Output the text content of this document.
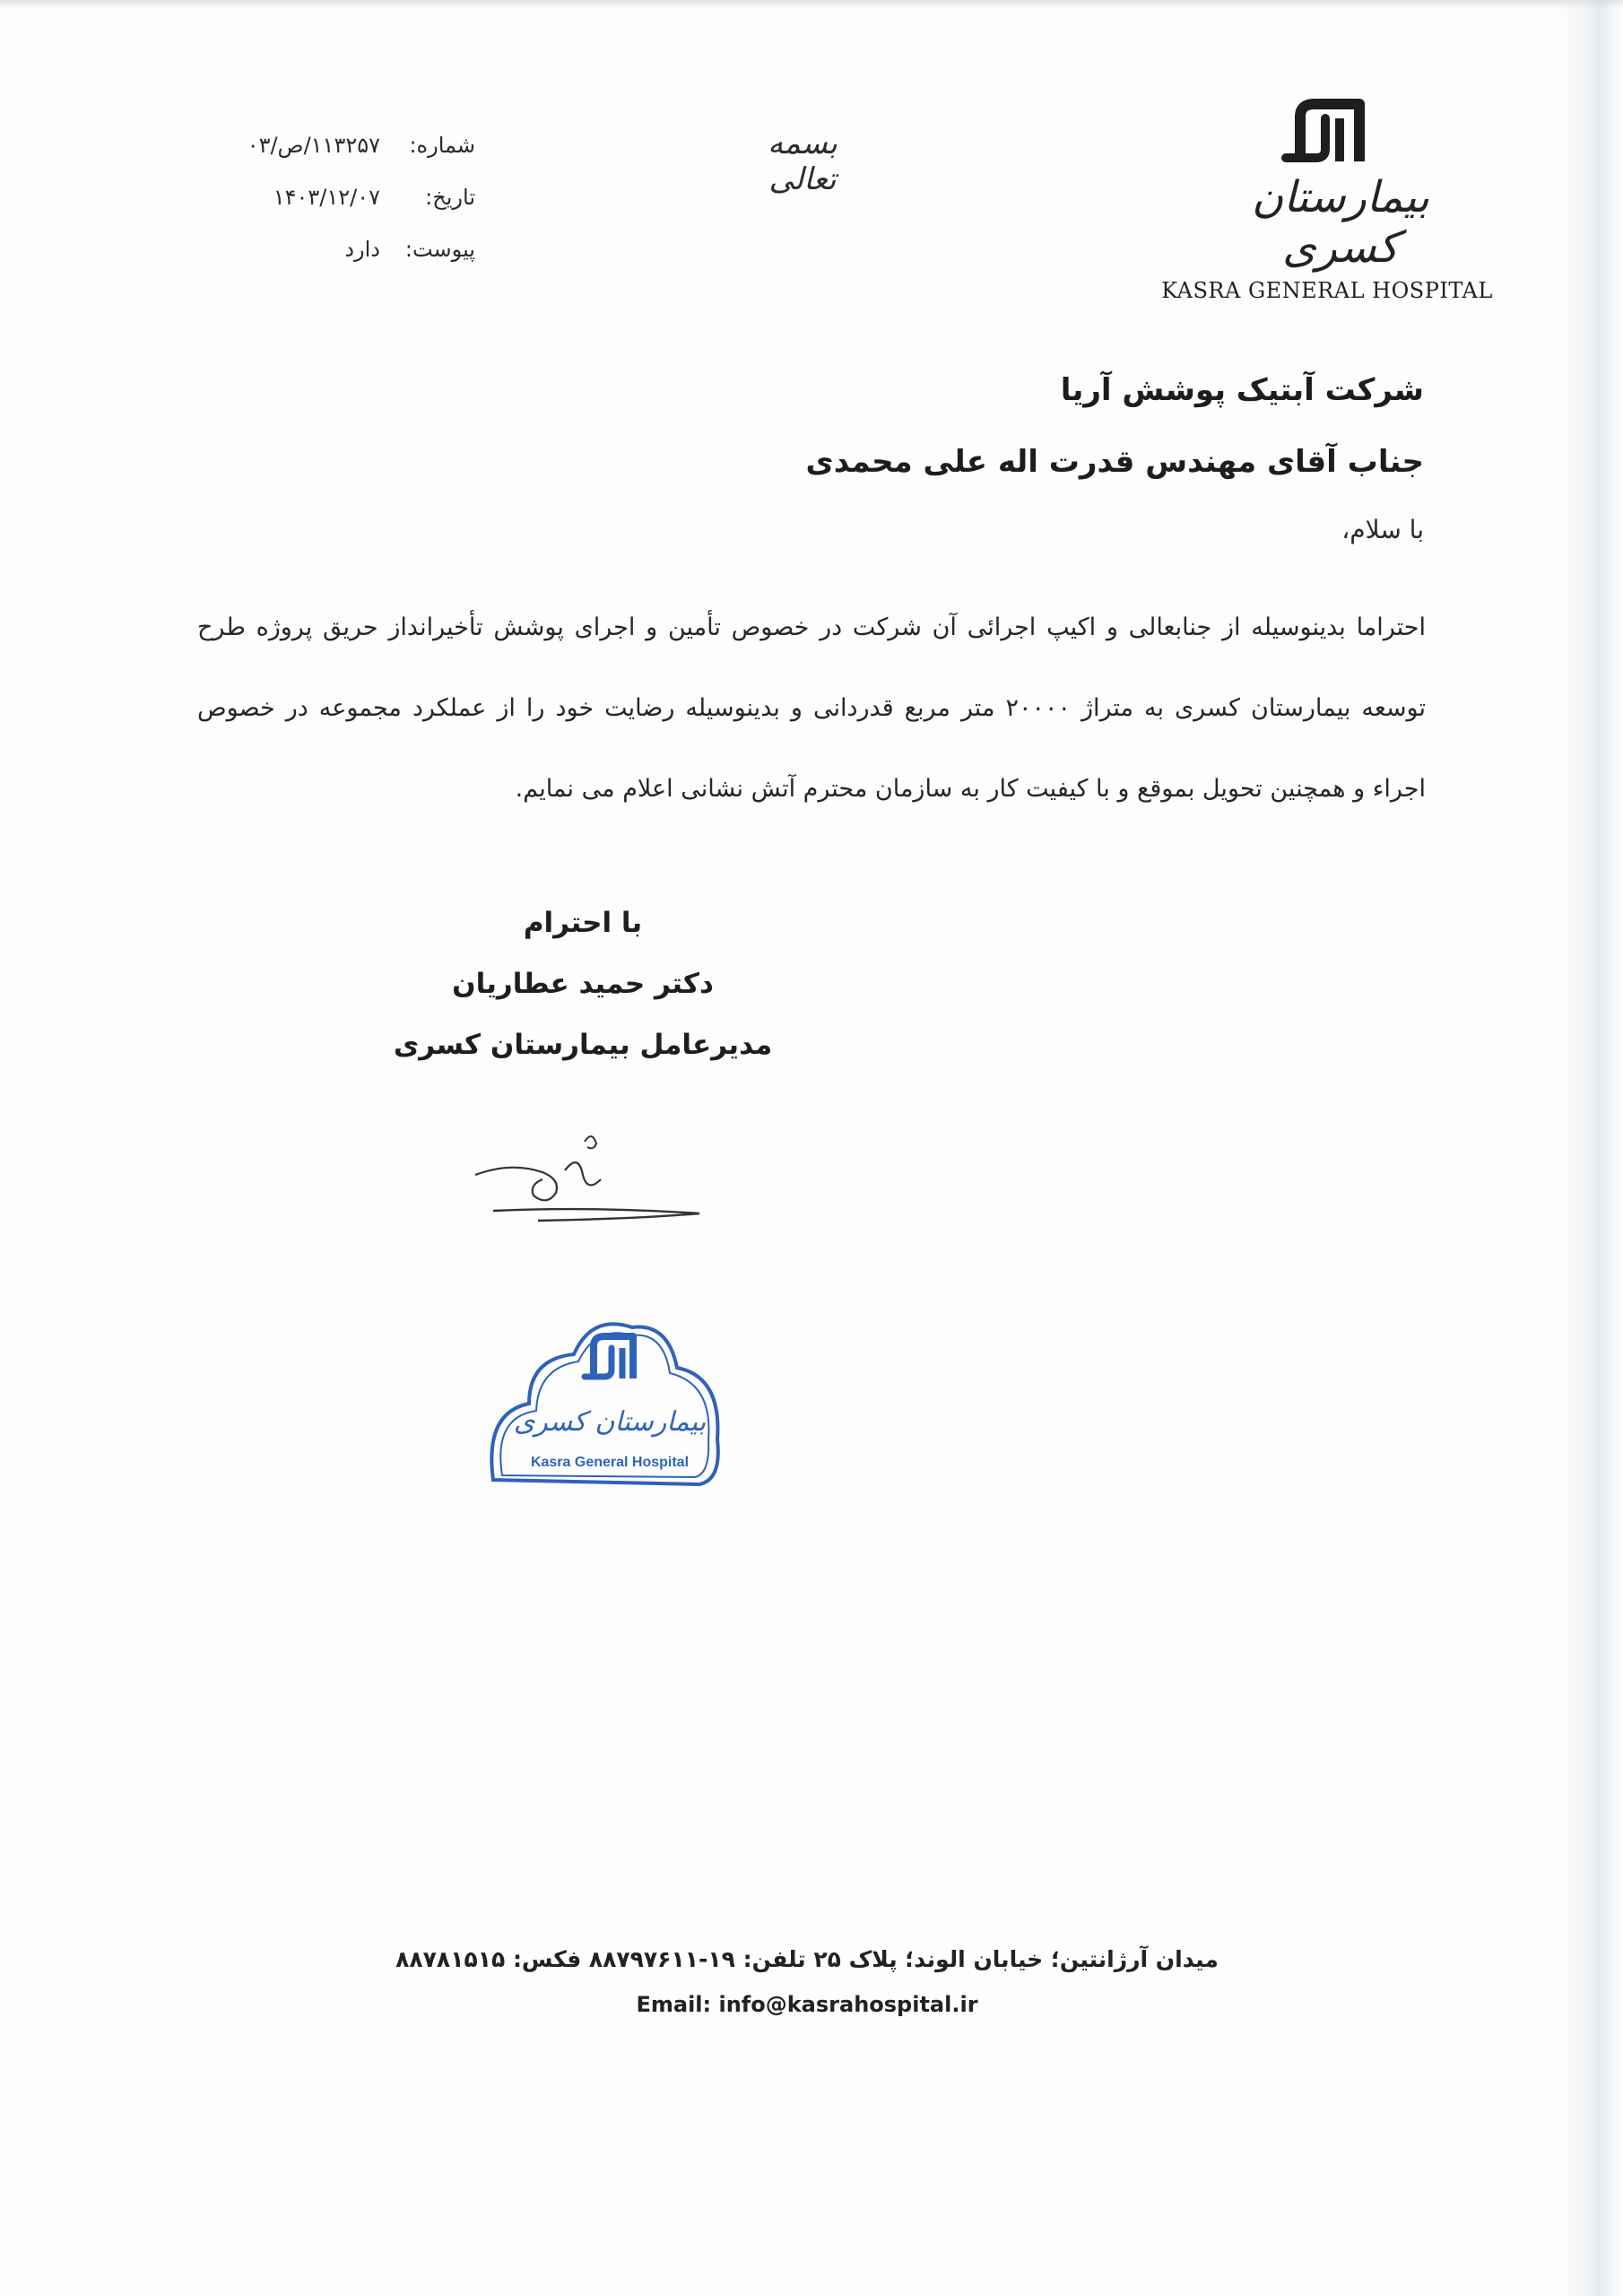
شماره:
۱۱۳۲۵۷/ص/۰۳
تاریخ:
۱۴۰۳/۱۲/۰۷
پیوست:
دارد
بسمه تعالی	بیمارستان کسری
KASRA GENERAL HOSPITAL
شرکت آبتیک پوشش آریا
جناب آقای مهندس قدرت اله علی محمدی
با سلام،
احتراما بدینوسیله از جنابعالی و اکیپ اجرائی آن شرکت در خصوص تأمین و اجرای پوشش تأخیرانداز حریق پروژه طرح توسعه بیمارستان کسری به متراژ ۲۰۰۰۰ متر مربع قدردانی و بدینوسیله رضایت خود را از عملکرد مجموعه در خصوص اجراء و همچنین تحویل بموقع و با کیفیت کار به سازمان محترم آتش نشانی اعلام می نمایم.
با احترام
دکتر حمید عطاریان
مدیرعامل بیمارستان کسری
بیمارستان کسری
Kasra General Hospital
میدان آرژانتین؛ خیابان الوند؛ پلاک ۲۵ تلفن: ۱۹-۸۸۷۹۷۶۱۱ فکس: ۸۸۷۸۱۵۱۵
Email: info@kasrahospital.ir
